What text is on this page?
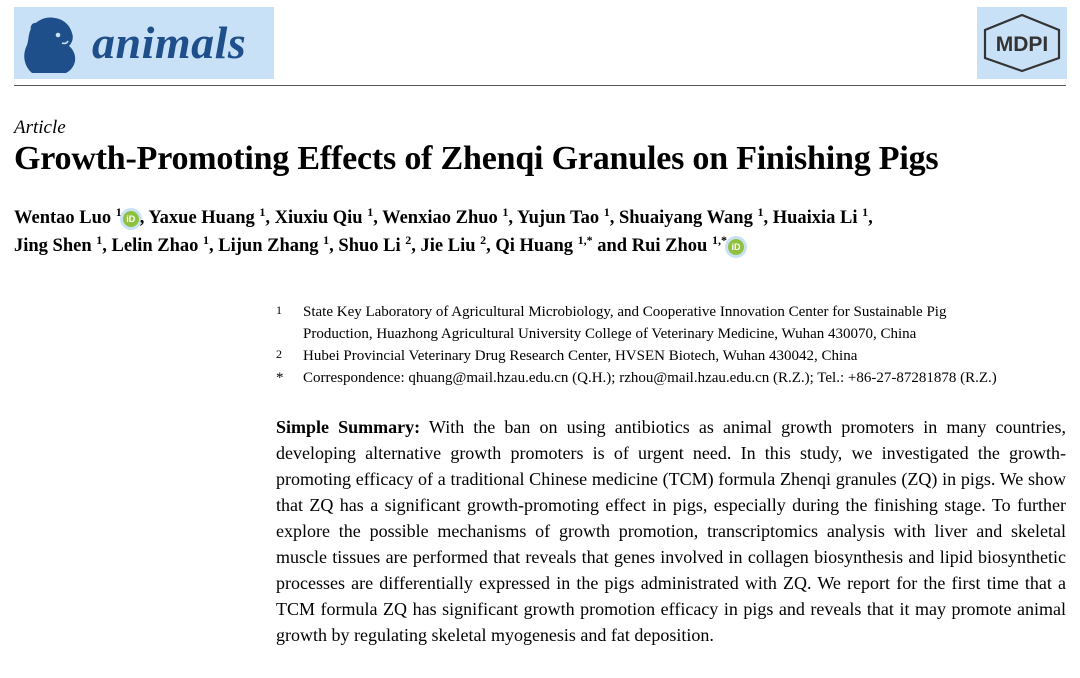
animals	MDPI
Article
Growth-Promoting Effects of Zhenqi Granules on Finishing Pigs
Wentao Luo $^1$ iD , Yaxue Huang $^1$, Xiuxiu Qiu $^1$, Wenxiao Zhuo $^1$, Yujun Tao $^1$, Shuaiyang Wang $^1$, Huaixia Li $^1$,
Jing Shen $^1$, Lelin Zhao $^1$, Lijun Zhang $^1$, Shuo Li $^2$, Jie Liu $^2$, Qi Huang $^{1,*}$ and Rui Zhou $^{1,*}$ iD
1	State Key Laboratory of Agricultural Microbiology, and Cooperative Innovation Center for Sustainable Pig
Production, Huazhong Agricultural University College of Veterinary Medicine, Wuhan 430070, China
2	Hubei Provincial Veterinary Drug Research Center, HVSEN Biotech, Wuhan 430042, China
*	Correspondence: qhuang@mail.hzau.edu.cn (Q.H.); rzhou@mail.hzau.edu.cn (R.Z.); Tel.: +86-27-87281878 (R.Z.)
Simple Summary: With the ban on using antibiotics as animal growth promoters in many countries, developing alternative growth promoters is of urgent need. In this study, we investigated the growth-promoting efficacy of a traditional Chinese medicine (TCM) formula Zhenqi granules (ZQ) in pigs. We show that ZQ has a significant growth-promoting effect in pigs, especially during the finishing stage. To further explore the possible mechanisms of growth promotion, transcriptomics analysis with liver and skeletal muscle tissues are performed that reveals that genes involved in collagen biosynthesis and lipid biosynthetic processes are differentially expressed in the pigs administrated with ZQ. We report for the first time that a TCM formula ZQ has significant growth promotion efficacy in pigs and reveals that it may promote animal growth by regulating skeletal myogenesis and fat deposition.
